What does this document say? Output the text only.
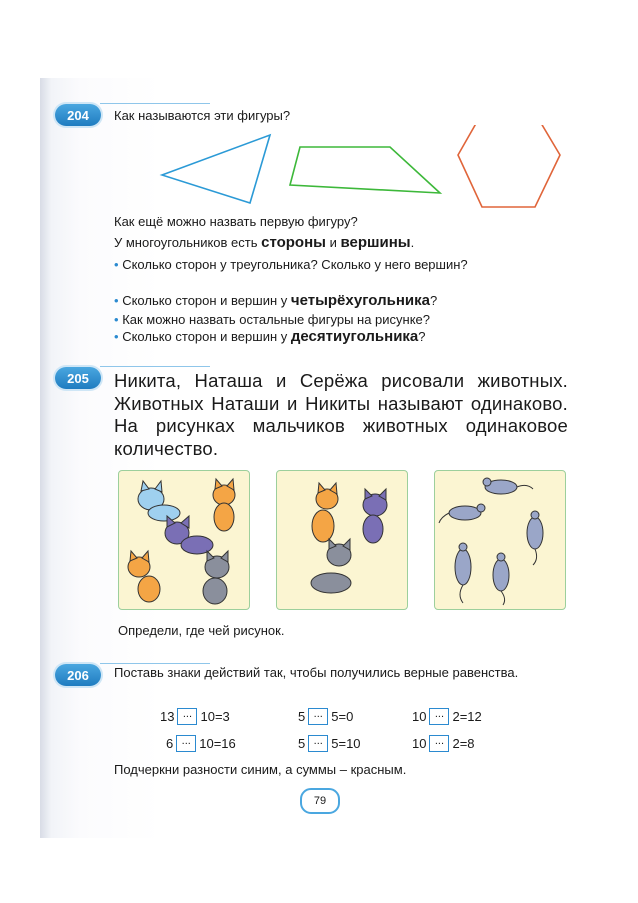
204 Как называются эти фигуры?
Как ещё можно назвать первую фигуру?
У многоугольников есть стороны и вершины.
• Сколько сторон у треугольника? Сколько у него вершин?
• Сколько сторон и вершин у четырёхугольника?
• Как можно назвать остальные фигуры на рисунке?
• Сколько сторон и вершин у десятиугольника?
205 Никита, Наташа и Серёжа рисовали животных. Животных Наташи и Никиты называют одинаково. На рисунках мальчиков животных одинаковое количество.
Определи, где чей рисунок.
206 Поставь знаки действий так, чтобы получились верные равенства.
13 ... 10 = 3	5 ... 5 = 0	10 ... 2 = 12
6 ... 10 = 16	5 ... 5 = 10	10 ... 2 = 8
Подчеркни разности синим, а суммы – красным.
79
